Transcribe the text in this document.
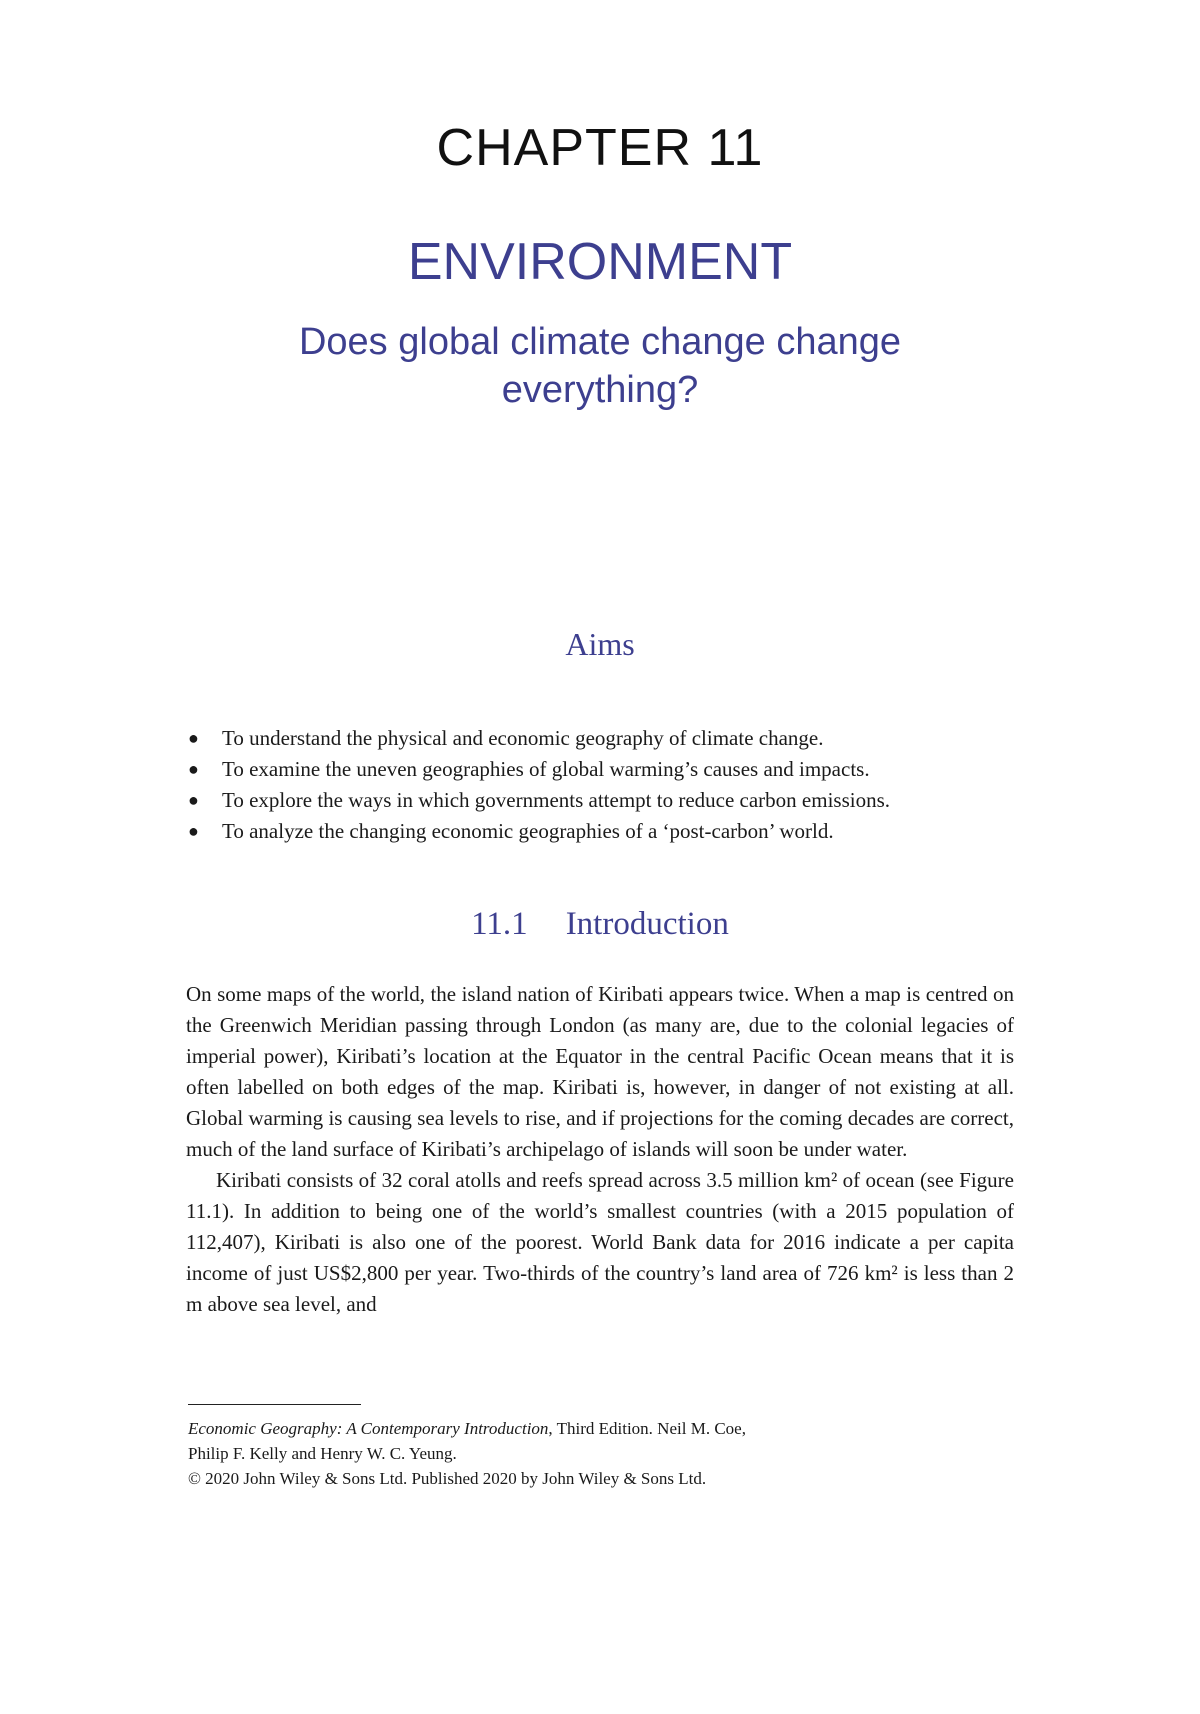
CHAPTER 11
ENVIRONMENT
Does global climate change change everything?
Aims
● To understand the physical and economic geography of climate change.
● To examine the uneven geographies of global warming’s causes and impacts.
● To explore the ways in which governments attempt to reduce carbon emissions.
● To analyze the changing economic geographies of a ‘post-carbon’ world.
11.1 Introduction

On some maps of the world, the island nation of Kiribati appears twice. When a map is centred on the Greenwich Meridian passing through London (as many are, due to the colonial legacies of imperial power), Kiribati’s location at the Equator in the central Pacific Ocean means that it is often labelled on both edges of the map. Kiribati is, however, in danger of not existing at all. Global warming is causing sea levels to rise, and if projections for the coming decades are correct, much of the land surface of Kiribati’s archipelago of islands will soon be under water.

Kiribati consists of 32 coral atolls and reefs spread across 3.5 million km² of ocean (see Figure 11.1). In addition to being one of the world’s smallest countries (with a 2015 population of 112,407), Kiribati is also one of the poorest. World Bank data for 2016 indicate a per capita income of just US$2,800 per year. Two-thirds of the country’s land area of 726 km² is less than 2 m above sea level, and

Economic Geography: A Contemporary Introduction, Third Edition. Neil M. Coe,
Philip F. Kelly and Henry W. C. Yeung.
© 2020 John Wiley & Sons Ltd. Published 2020 by John Wiley & Sons Ltd.
